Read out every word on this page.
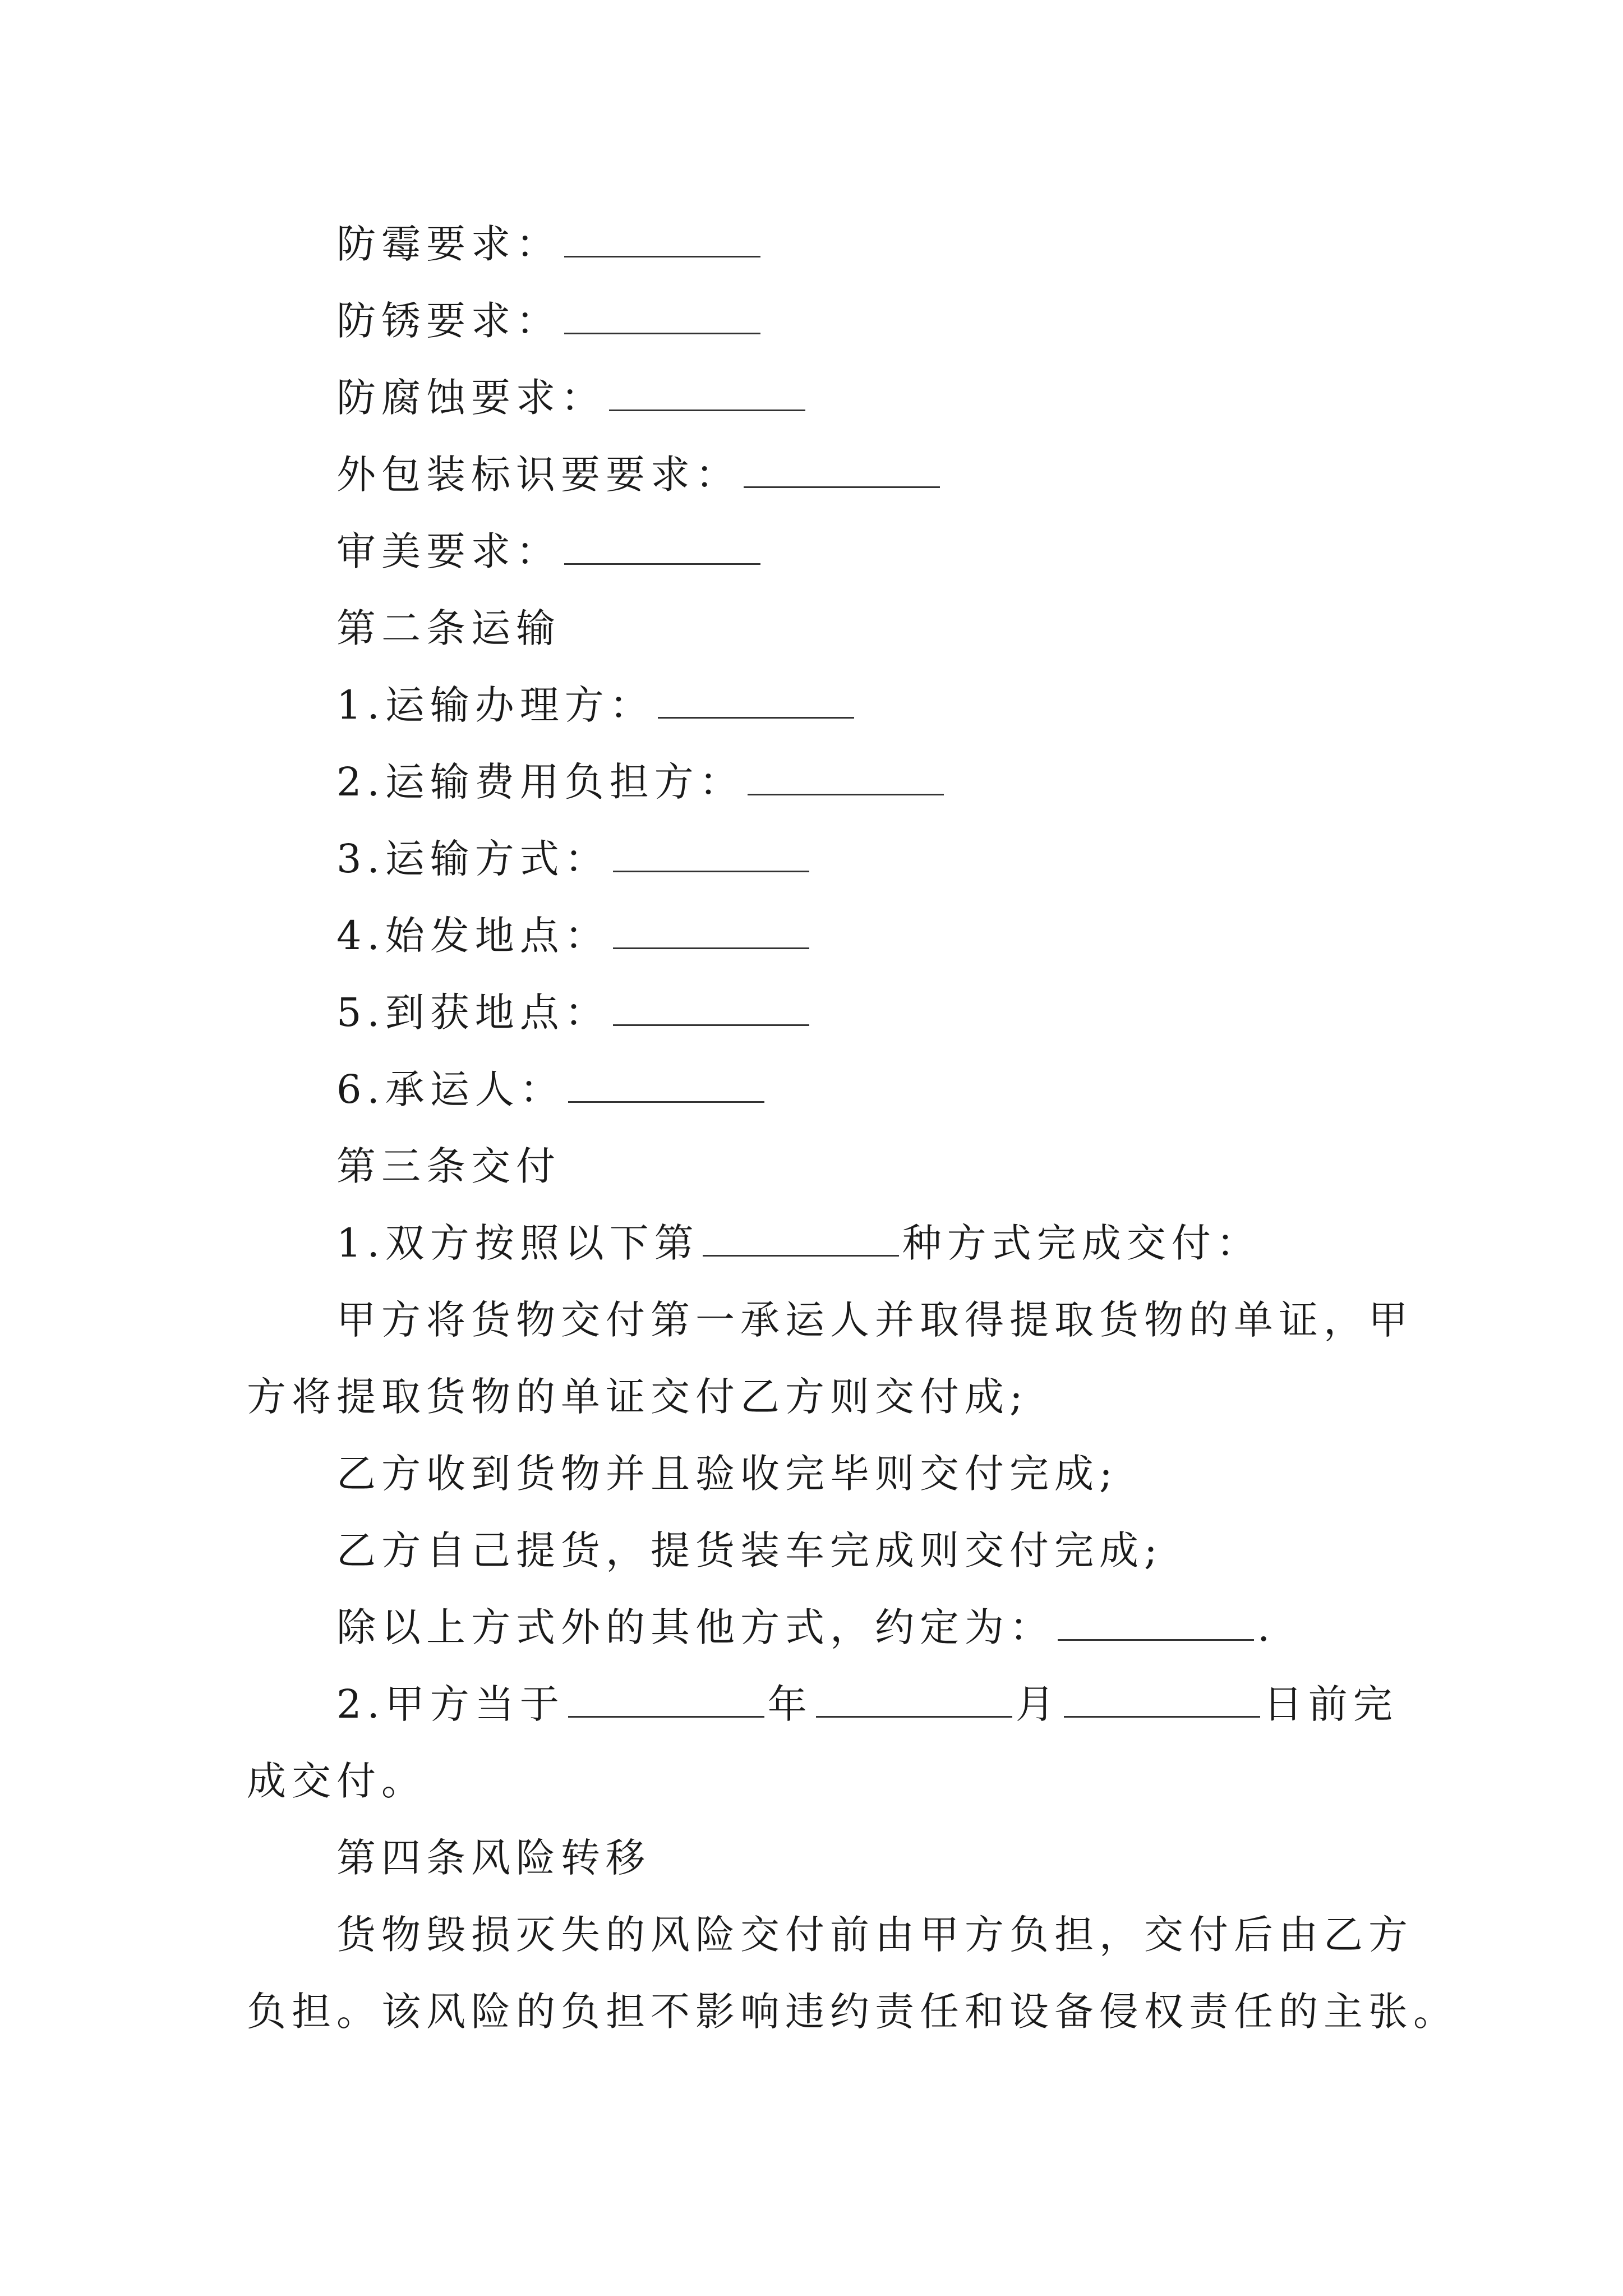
防霉要求：
防锈要求：
防腐蚀要求：
外包装标识要要求：
审美要求：
第二条运输
1.运输办理方：
2.运输费用负担方：
3.运输方式：
4.始发地点：
5.到获地点：
6.承运人：
第三条交付
1.双方按照以下第	种方式完成交付：
甲方将货物交付第一承运人并取得提取货物的单证，甲
方将提取货物的单证交付乙方则交付成;
乙方收到货物并且验收完毕则交付完成;
乙方自己提货，提货装车完成则交付完成;
除以上方式外的其他方式，约定为：	.
2.甲方当于	年	月	日前完
成交付。
第四条风险转移
货物毁损灭失的风险交付前由甲方负担，交付后由乙方
负担。该风险的负担不影响违约责任和设备侵权责任的主张。
